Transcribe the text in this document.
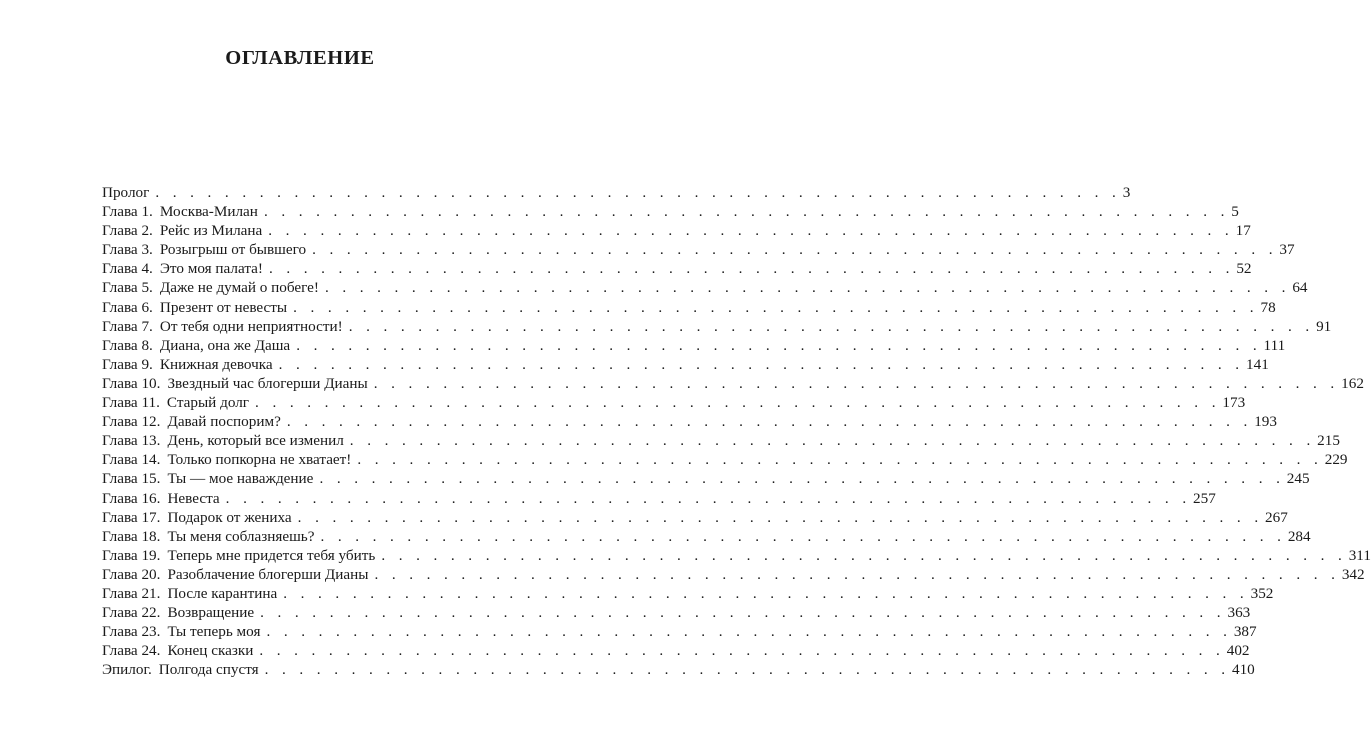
ОГЛАВЛЕНИЕ
Пролог . . . . . . . . . . . . . . . . . . . . . . . . . . . . . . . . . . . . . . . . . . . . . . . . . . . . . . . . 3
Глава 1. Москва-Милан . . . . . . . . . . . . . . . . . . . . . . . . . . . . . . . . . . . . . . . . . . . . . . . . . . . . . . . . 5
Глава 2. Рейс из Милана . . . . . . . . . . . . . . . . . . . . . . . . . . . . . . . . . . . . . . . . . . . . . . . . . . . . . . . . 17
Глава 3. Розыгрыш от бывшего . . . . . . . . . . . . . . . . . . . . . . . . . . . . . . . . . . . . . . . . . . . . . . . . . . . . . . . . 37
Глава 4. Это моя палата! . . . . . . . . . . . . . . . . . . . . . . . . . . . . . . . . . . . . . . . . . . . . . . . . . . . . . . . . 52
Глава 5. Даже не думай о побеге! . . . . . . . . . . . . . . . . . . . . . . . . . . . . . . . . . . . . . . . . . . . . . . . . . . . . . . . . 64
Глава 6. Презент от невесты . . . . . . . . . . . . . . . . . . . . . . . . . . . . . . . . . . . . . . . . . . . . . . . . . . . . . . . . 78
Глава 7. От тебя одни неприятности! . . . . . . . . . . . . . . . . . . . . . . . . . . . . . . . . . . . . . . . . . . . . . . . . . . . . . . . . 91
Глава 8. Диана, она же Даша . . . . . . . . . . . . . . . . . . . . . . . . . . . . . . . . . . . . . . . . . . . . . . . . . . . . . . . . 111
Глава 9. Книжная девочка . . . . . . . . . . . . . . . . . . . . . . . . . . . . . . . . . . . . . . . . . . . . . . . . . . . . . . . . 141
Глава 10. Звездный час блогерши Дианы . . . . . . . . . . . . . . . . . . . . . . . . . . . . . . . . . . . . . . . . . . . . . . . . . . . . . . . . 162
Глава 11. Старый долг . . . . . . . . . . . . . . . . . . . . . . . . . . . . . . . . . . . . . . . . . . . . . . . . . . . . . . . . 173
Глава 12. Давай поспорим? . . . . . . . . . . . . . . . . . . . . . . . . . . . . . . . . . . . . . . . . . . . . . . . . . . . . . . . . 193
Глава 13. День, который все изменил . . . . . . . . . . . . . . . . . . . . . . . . . . . . . . . . . . . . . . . . . . . . . . . . . . . . . . . . 215
Глава 14. Только попкорна не хватает! . . . . . . . . . . . . . . . . . . . . . . . . . . . . . . . . . . . . . . . . . . . . . . . . . . . . . . . . 229
Глава 15. Ты — мое наваждение . . . . . . . . . . . . . . . . . . . . . . . . . . . . . . . . . . . . . . . . . . . . . . . . . . . . . . . . 245
Глава 16. Невеста . . . . . . . . . . . . . . . . . . . . . . . . . . . . . . . . . . . . . . . . . . . . . . . . . . . . . . . . 257
Глава 17. Подарок от жениха . . . . . . . . . . . . . . . . . . . . . . . . . . . . . . . . . . . . . . . . . . . . . . . . . . . . . . . . 267
Глава 18. Ты меня соблазняешь? . . . . . . . . . . . . . . . . . . . . . . . . . . . . . . . . . . . . . . . . . . . . . . . . . . . . . . . . 284
Глава 19. Теперь мне придется тебя убить . . . . . . . . . . . . . . . . . . . . . . . . . . . . . . . . . . . . . . . . . . . . . . . . . . . . . . . . 311
Глава 20. Разоблачение блогерши Дианы . . . . . . . . . . . . . . . . . . . . . . . . . . . . . . . . . . . . . . . . . . . . . . . . . . . . . . . . 342
Глава 21. После карантина . . . . . . . . . . . . . . . . . . . . . . . . . . . . . . . . . . . . . . . . . . . . . . . . . . . . . . . . 352
Глава 22. Возвращение . . . . . . . . . . . . . . . . . . . . . . . . . . . . . . . . . . . . . . . . . . . . . . . . . . . . . . . . 363
Глава 23. Ты теперь моя . . . . . . . . . . . . . . . . . . . . . . . . . . . . . . . . . . . . . . . . . . . . . . . . . . . . . . . . 387
Глава 24. Конец сказки . . . . . . . . . . . . . . . . . . . . . . . . . . . . . . . . . . . . . . . . . . . . . . . . . . . . . . . . 402
Эпилог. Полгода спустя . . . . . . . . . . . . . . . . . . . . . . . . . . . . . . . . . . . . . . . . . . . . . . . . . . . . . . . . 410
